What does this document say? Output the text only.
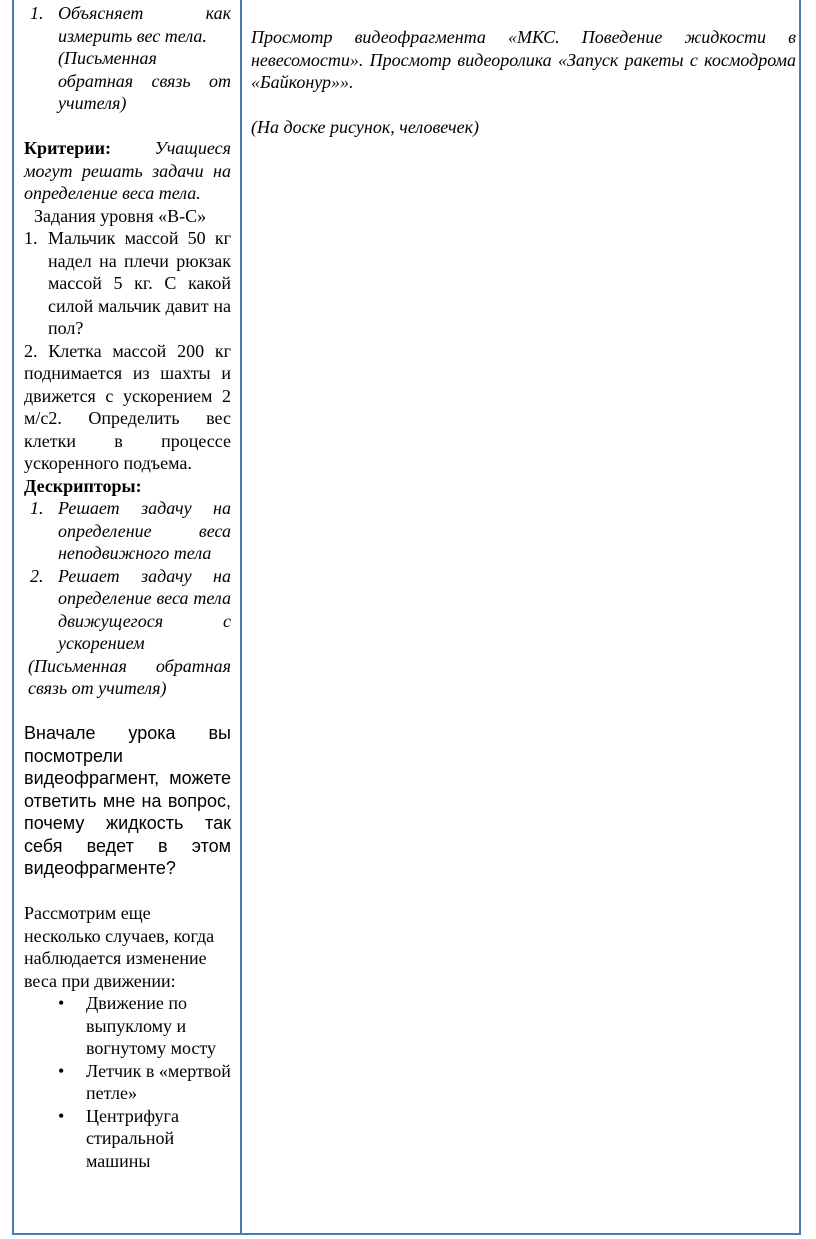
1. Объясняет как измерить вес тела.
(Письменная обратная связь от учителя)

Критерии: Учащиеся могут решать задачи на определение веса тела.

Задания уровня «В-С»

1. Мальчик массой 50 кг надел на плечи рюкзак массой 5 кг. С какой силой мальчик давит на пол?

2. Клетка массой 200 кг поднимается из шахты и движется с ускорением 2 м/с2. Определить вес клетки в процессе ускоренного подъема.

Дескрипторы:

1. Решает задачу на определение веса неподвижного тела
2. Решает задачу на определение веса тела движущегося с ускорением

(Письменная обратная связь от учителя)

Вначале урока вы посмотрели видеофрагмент, можете ответить мне на вопрос, почему жидкость так себя ведет в этом видеофрагменте?

Рассмотрим еще несколько случаев, когда наблюдается изменение веса при движении:

• Движение по выпуклому и вогнутому мосту
• Летчик в «мертвой петле»
• Центрифуга стиральной машины

Просмотр видеофрагмента «МКС. Поведение жидкости в невесомости». Просмотр видеоролика «Запуск ракеты с космодрома «Байконур»».

(На доске рисунок, человечек)
